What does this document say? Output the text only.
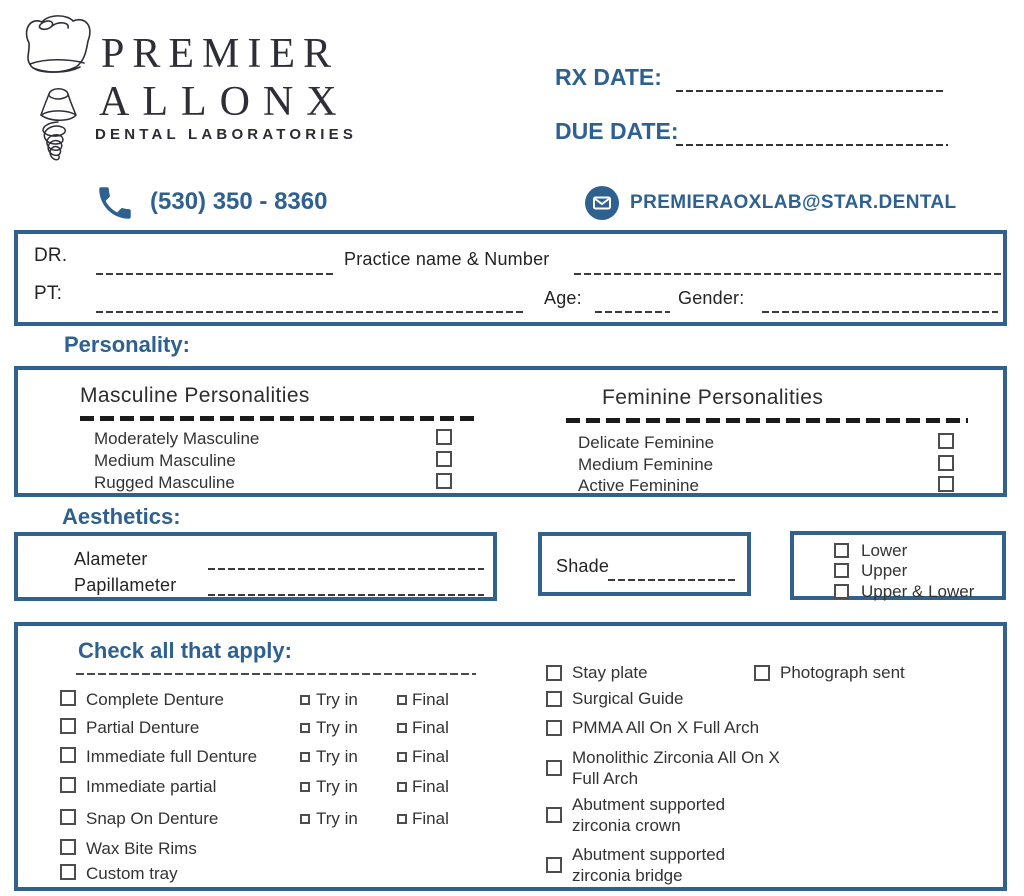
PREMIER
ALLONX
DENTAL LABORATORIES
RX DATE:
DUE DATE:
(530) 350 - 8360	PREMIERAOXLAB@STAR.DENTAL
DR.	Practice name & Number
PT:	Age:	Gender:
Personality:
Masculine Personalities
Moderately Masculine
Medium Masculine
Rugged Masculine
Feminine Personalities
Delicate Feminine
Medium Feminine
Active Feminine
Aesthetics:
Alameter
Papillameter
Shade
Lower
Upper
Upper & Lower
Check all that apply:
Complete Denture	Try in	Final
Partial Denture	Try in	Final
Immediate full Denture	Try in	Final
Immediate partial	Try in	Final
Snap On Denture	Try in	Final
Wax Bite Rims
Custom tray
Stay plate	Photograph sent
Surgical Guide
PMMA All On X Full Arch
Monolithic Zirconia All On X
Full Arch
Abutment supported
zirconia crown
Abutment supported
zirconia bridge
